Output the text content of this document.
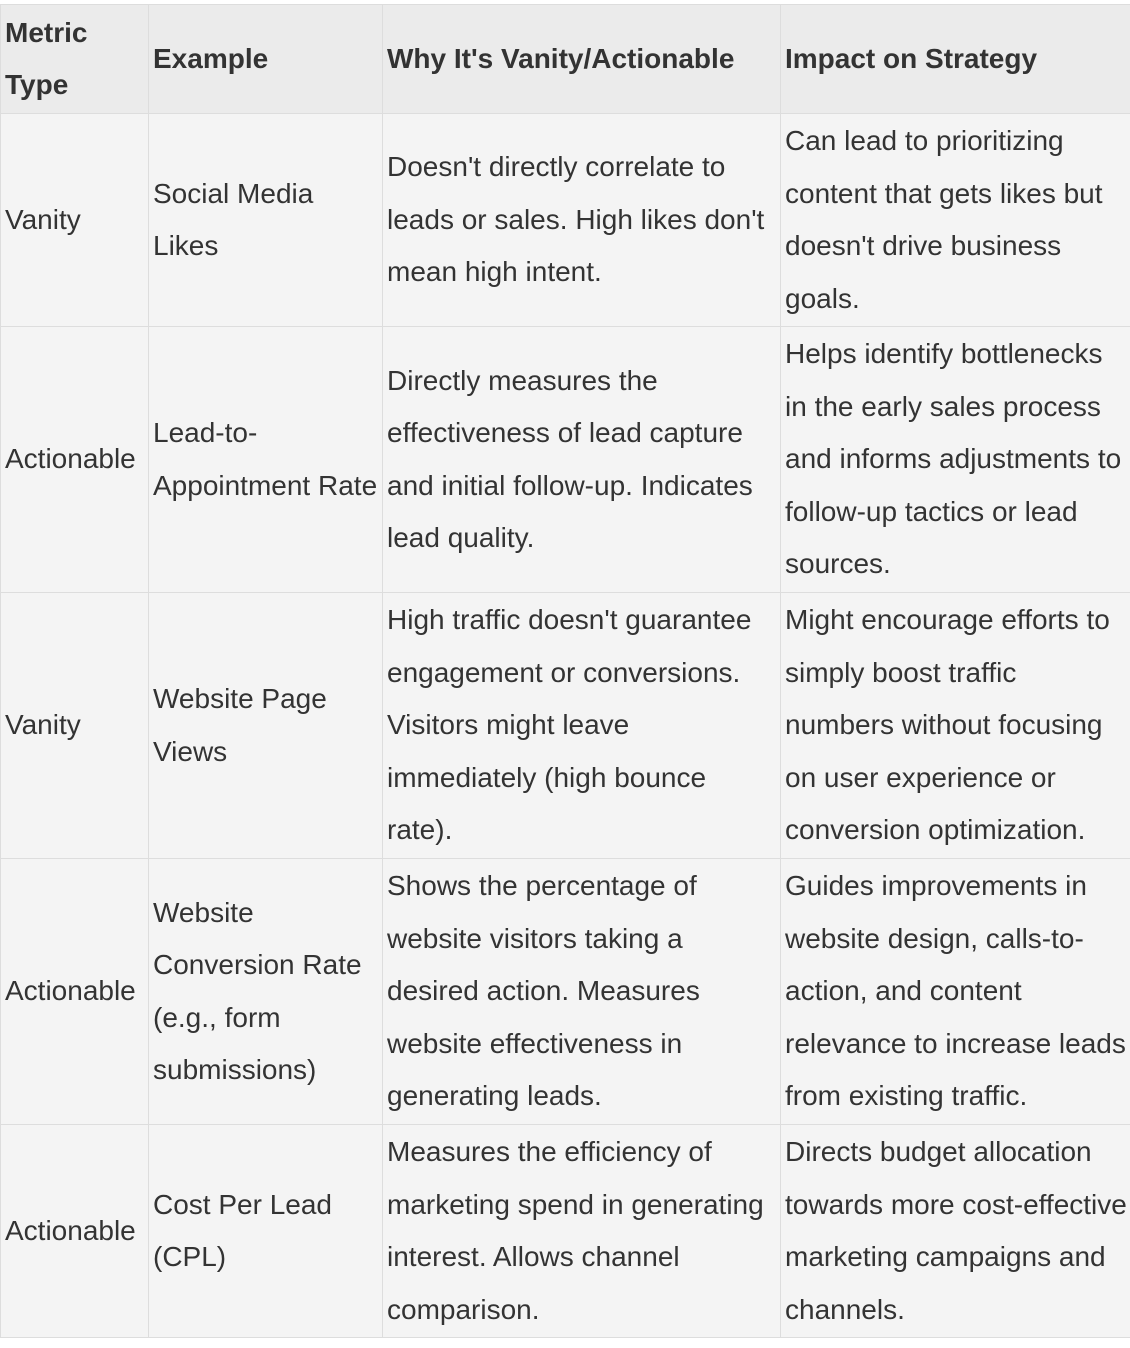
Metric Type	Example	Why It's Vanity/Actionable	Impact on Strategy
Vanity	Social Media Likes	Doesn't directly correlate to leads or sales. High likes don't mean high intent.	Can lead to prioritizing content that gets likes but doesn't drive business goals.
Actionable	Lead-to-Appointment Rate	Directly measures the effectiveness of lead capture and initial follow-up. Indicates lead quality.	Helps identify bottlenecks in the early sales process and informs adjustments to follow-up tactics or lead sources.
Vanity	Website Page Views	High traffic doesn't guarantee engagement or conversions. Visitors might leave immediately (high bounce rate).	Might encourage efforts to simply boost traffic numbers without focusing on user experience or conversion optimization.
Actionable	Website Conversion Rate (e.g., form submissions)	Shows the percentage of website visitors taking a desired action. Measures website effectiveness in generating leads.	Guides improvements in website design, calls-to-action, and content relevance to increase leads from existing traffic.
Actionable	Cost Per Lead (CPL)	Measures the efficiency of marketing spend in generating interest. Allows channel comparison.	Directs budget allocation towards more cost-effective marketing campaigns and channels.
